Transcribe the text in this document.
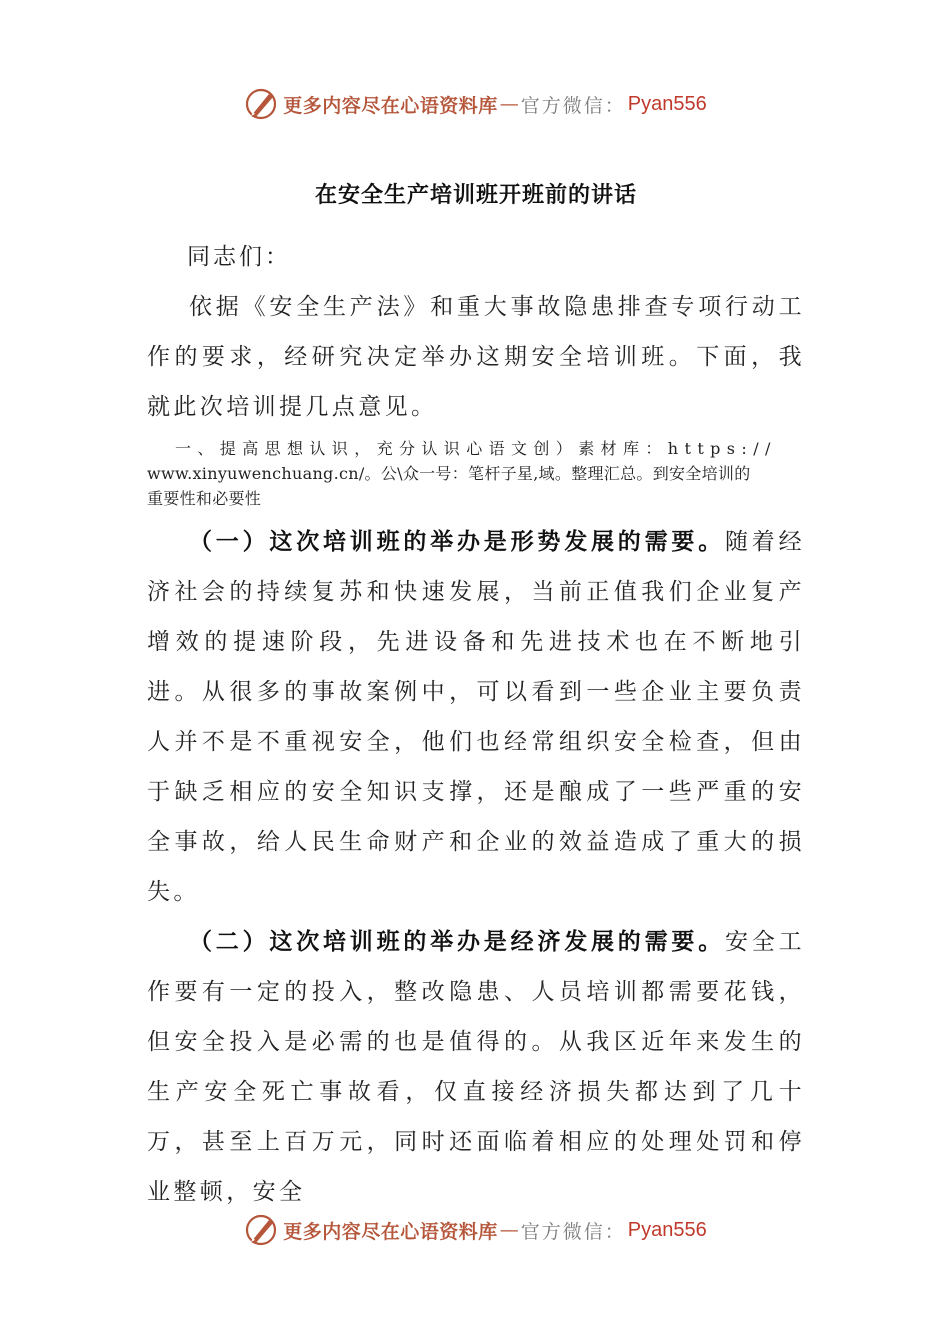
更多内容尽在心语资料库 — 官方微信： Pyan556

在安全生产培训班开班前的讲话

同志们：

依据《安全生产法》和重大事故隐患排查专项行动工作的要求，经研究决定举办这期安全培训班。下面，我就此次培训提几点意见。

一、提高思想认识，充分认识心语文创）素材库：https://
www.xinyuwenchuang.cn/。公\众一号：笔杆子星,域。整理汇总。到安全培训的
重要性和必要性

（一）这次培训班的举办是形势发展的需要。随着经济社会的持续复苏和快速发展，当前正值我们企业复产增效的提速阶段，先进设备和先进技术也在不断地引进。从很多的事故案例中，可以看到一些企业主要负责人并不是不重视安全，他们也经常组织安全检查，但由于缺乏相应的安全知识支撑，还是酿成了一些严重的安全事故，给人民生命财产和企业的效益造成了重大的损失。

（二）这次培训班的举办是经济发展的需要。安全工作要有一定的投入，整改隐患、人员培训都需要花钱，但安全投入是必需的也是值得的。从我区近年来发生的生产安全死亡事故看，仅直接经济损失都达到了几十万，甚至上百万元，同时还面临着相应的处理处罚和停业整顿，安全

更多内容尽在心语资料库 — 官方微信： Pyan556
